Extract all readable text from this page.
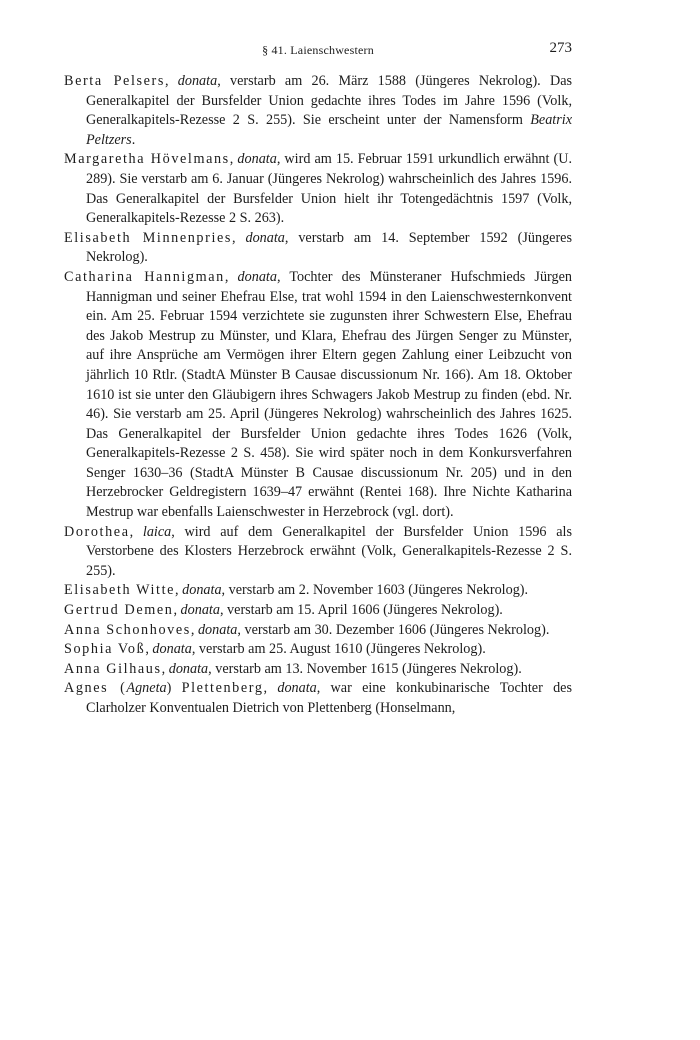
§ 41. Laienschwestern	273

Berta Pelsers, donata, verstarb am 26. März 1588 (Jüngeres Nekrolog). Das Generalkapitel der Bursfelder Union gedachte ihres Todes im Jahre 1596 (Volk, Generalkapitels-Rezesse 2 S. 255). Sie erscheint unter der Namensform Beatrix Peltzers.

Margaretha Hövelmans, donata, wird am 15. Februar 1591 urkundlich erwähnt (U. 289). Sie verstarb am 6. Januar (Jüngeres Nekrolog) wahrscheinlich des Jahres 1596. Das Generalkapitel der Bursfelder Union hielt ihr Totengedächtnis 1597 (Volk, Generalkapitels-Rezesse 2 S. 263).

Elisabeth Minnenpries, donata, verstarb am 14. September 1592 (Jüngeres Nekrolog).

Catharina Hannigman, donata, Tochter des Münsteraner Hufschmieds Jürgen Hannigman und seiner Ehefrau Else, trat wohl 1594 in den Laienschwesternkonvent ein. Am 25. Februar 1594 verzichtete sie zugunsten ihrer Schwestern Else, Ehefrau des Jakob Mestrup zu Münster, und Klara, Ehefrau des Jürgen Senger zu Münster, auf ihre Ansprüche am Vermögen ihrer Eltern gegen Zahlung einer Leibzucht von jährlich 10 Rtlr. (StadtA Münster B Causae discussionum Nr. 166). Am 18. Oktober 1610 ist sie unter den Gläubigern ihres Schwagers Jakob Mestrup zu finden (ebd. Nr. 46). Sie verstarb am 25. April (Jüngeres Nekrolog) wahrscheinlich des Jahres 1625. Das Generalkapitel der Bursfelder Union gedachte ihres Todes 1626 (Volk, Generalkapitels-Rezesse 2 S. 458). Sie wird später noch in dem Konkursverfahren Senger 1630–36 (StadtA Münster B Causae discussionum Nr. 205) und in den Herzebrocker Geldregistern 1639–47 erwähnt (Rentei 168). Ihre Nichte Katharina Mestrup war ebenfalls Laienschwester in Herzebrock (vgl. dort).

Dorothea, laica, wird auf dem Generalkapitel der Bursfelder Union 1596 als Verstorbene des Klosters Herzebrock erwähnt (Volk, Generalkapitels-Rezesse 2 S. 255).

Elisabeth Witte, donata, verstarb am 2. November 1603 (Jüngeres Nekrolog).

Gertrud Demen, donata, verstarb am 15. April 1606 (Jüngeres Nekrolog).

Anna Schonhoves, donata, verstarb am 30. Dezember 1606 (Jüngeres Nekrolog).

Sophia Voß, donata, verstarb am 25. August 1610 (Jüngeres Nekrolog).

Anna Gilhaus, donata, verstarb am 13. November 1615 (Jüngeres Nekrolog).

Agnes (Agneta) Plettenberg, donata, war eine konkubinarische Tochter des Clarholzer Konventualen Dietrich von Plettenberg (Honselmann,
